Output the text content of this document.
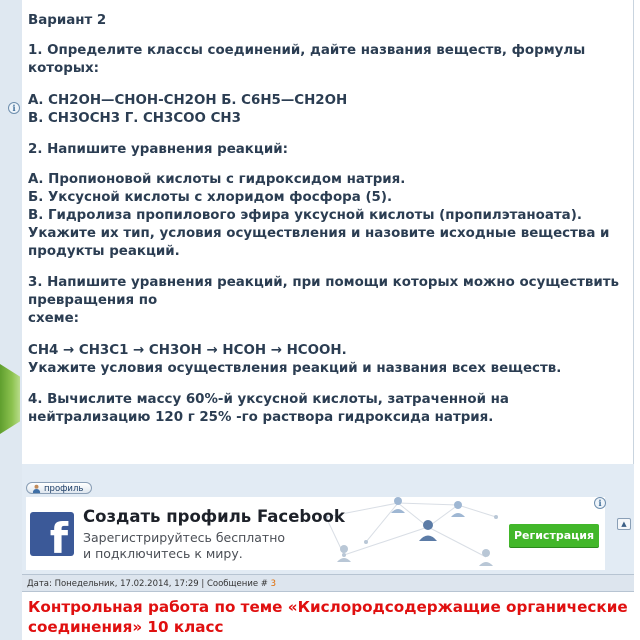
i

Вариант 2

1. Определите классы соединений, дайте названия веществ, формулы которых:

А. CH2OH—CHOH-CH2OH Б. С6Н5—СН2ОН

В. CH3OCH3 Г. CH3COO CH3

2. Напишите уравнения реакций:

А. Пропионовой кислоты с гидроксидом натрия.

Б. Уксусной кислоты с хлоридом фосфора (5).

В. Гидролиза пропилового эфира уксусной кислоты (пропилэтаноата).

Укажите их тип, условия осуществления и назовите исходные вещества и продукты реакций.

3. Напишите уравнения реакций, при помощи которых можно осуществить превращения по

схеме:

СН4 → CH3C1 → СН3ОН → НСОН → НСООН.

Укажите условия осуществления реакций и названия всех веществ.

4. Вычислите массу 60%-й уксусной кислоты, затраченной на нейтрализацию 120 г 25% -го раствора гидроксида натрия.

профиль
f Создать профиль Facebook
Зарегистрируйтесь бесплатно
и подключитесь к миру.
Регистрация
i
▲
Дата: Понедельник, 17.02.2014, 17:29 | Сообщение # 3

Контрольная работа по теме «Кислородсодержащие органические соединения» 10 класс
